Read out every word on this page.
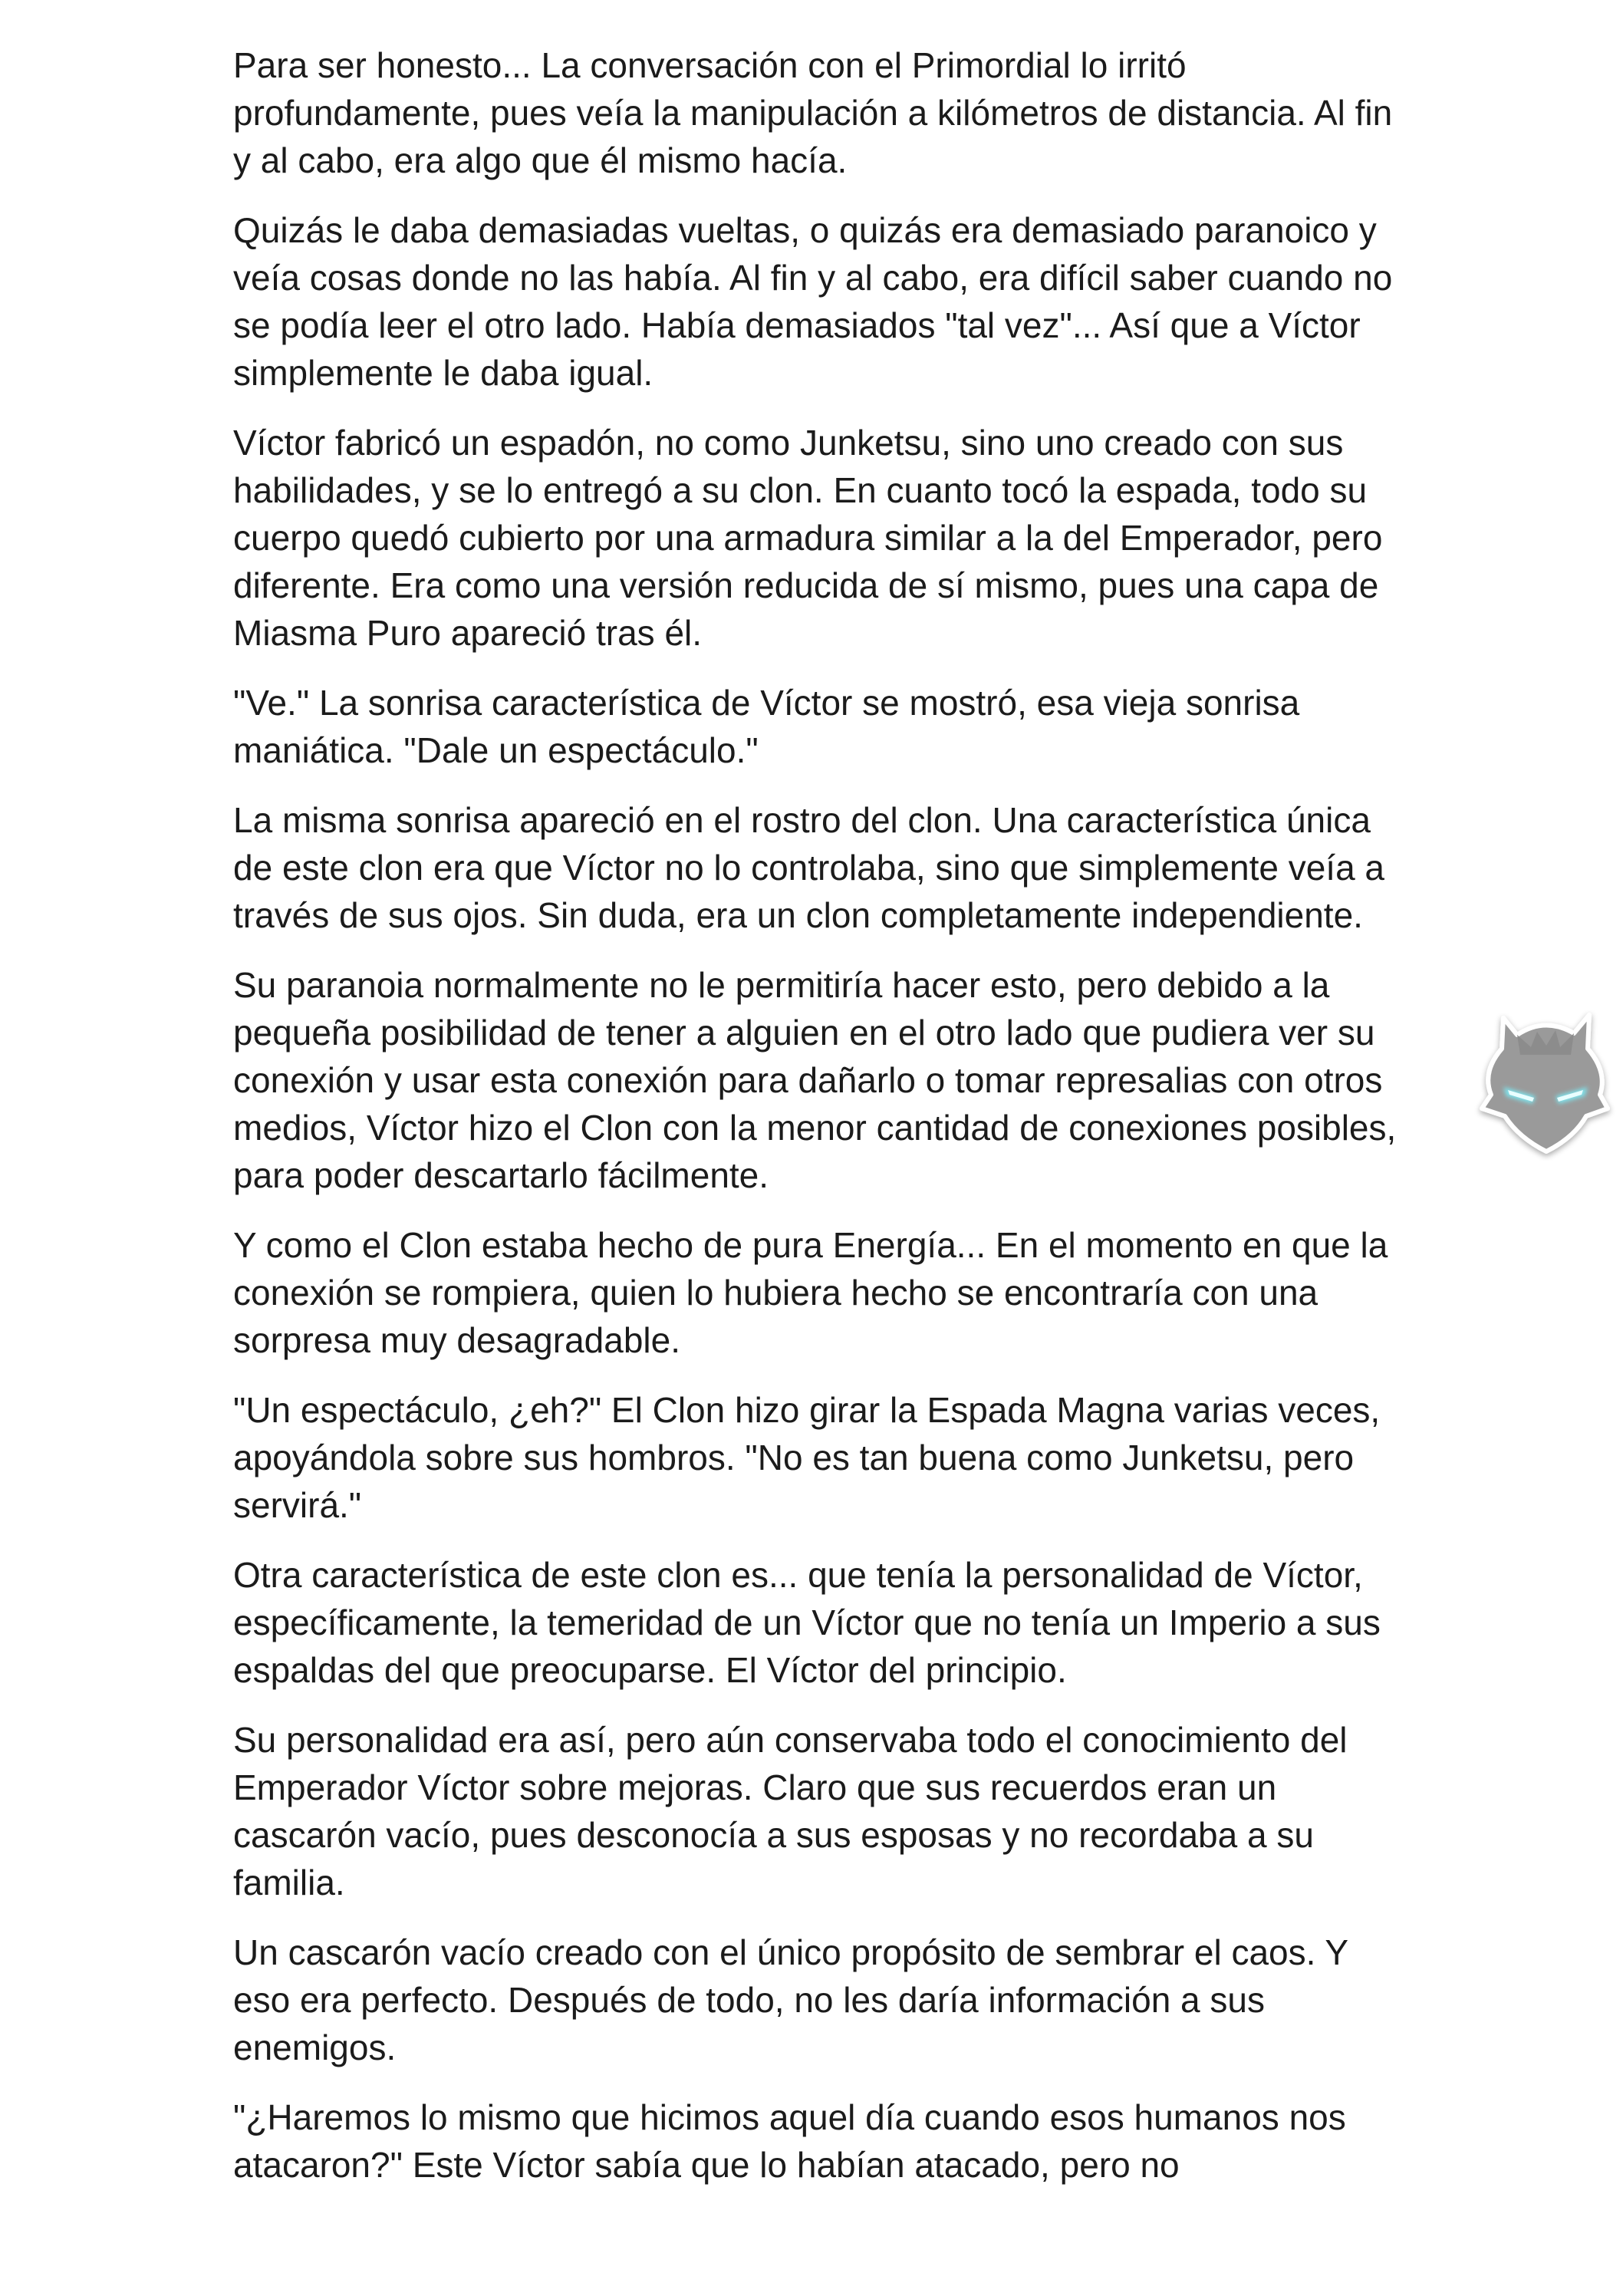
Para ser honesto... La conversación con el Primordial lo irritó profundamente, pues veía la manipulación a kilómetros de distancia. Al fin y al cabo, era algo que él mismo hacía.

Quizás le daba demasiadas vueltas, o quizás era demasiado paranoico y veía cosas donde no las había. Al fin y al cabo, era difícil saber cuando no se podía leer el otro lado. Había demasiados "tal vez"... Así que a Víctor simplemente le daba igual.

Víctor fabricó un espadón, no como Junketsu, sino uno creado con sus habilidades, y se lo entregó a su clon. En cuanto tocó la espada, todo su cuerpo quedó cubierto por una armadura similar a la del Emperador, pero diferente. Era como una versión reducida de sí mismo, pues una capa de Miasma Puro apareció tras él.

"Ve." La sonrisa característica de Víctor se mostró, esa vieja sonrisa maniática. "Dale un espectáculo."

La misma sonrisa apareció en el rostro del clon. Una característica única de este clon era que Víctor no lo controlaba, sino que simplemente veía a través de sus ojos. Sin duda, era un clon completamente independiente.

Su paranoia normalmente no le permitiría hacer esto, pero debido a la pequeña posibilidad de tener a alguien en el otro lado que pudiera ver su conexión y usar esta conexión para dañarlo o tomar represalias con otros medios, Víctor hizo el Clon con la menor cantidad de conexiones posibles, para poder descartarlo fácilmente.

Y como el Clon estaba hecho de pura Energía... En el momento en que la conexión se rompiera, quien lo hubiera hecho se encontraría con una sorpresa muy desagradable.

"Un espectáculo, ¿eh?" El Clon hizo girar la Espada Magna varias veces, apoyándola sobre sus hombros. "No es tan buena como Junketsu, pero servirá."

Otra característica de este clon es... que tenía la personalidad de Víctor, específicamente, la temeridad de un Víctor que no tenía un Imperio a sus espaldas del que preocuparse. El Víctor del principio.

Su personalidad era así, pero aún conservaba todo el conocimiento del Emperador Víctor sobre mejoras. Claro que sus recuerdos eran un cascarón vacío, pues desconocía a sus esposas y no recordaba a su familia.

Un cascarón vacío creado con el único propósito de sembrar el caos. Y eso era perfecto. Después de todo, no les daría información a sus enemigos.

"¿Haremos lo mismo que hicimos aquel día cuando esos humanos nos atacaron?" Este Víctor sabía que lo habían atacado, pero no
